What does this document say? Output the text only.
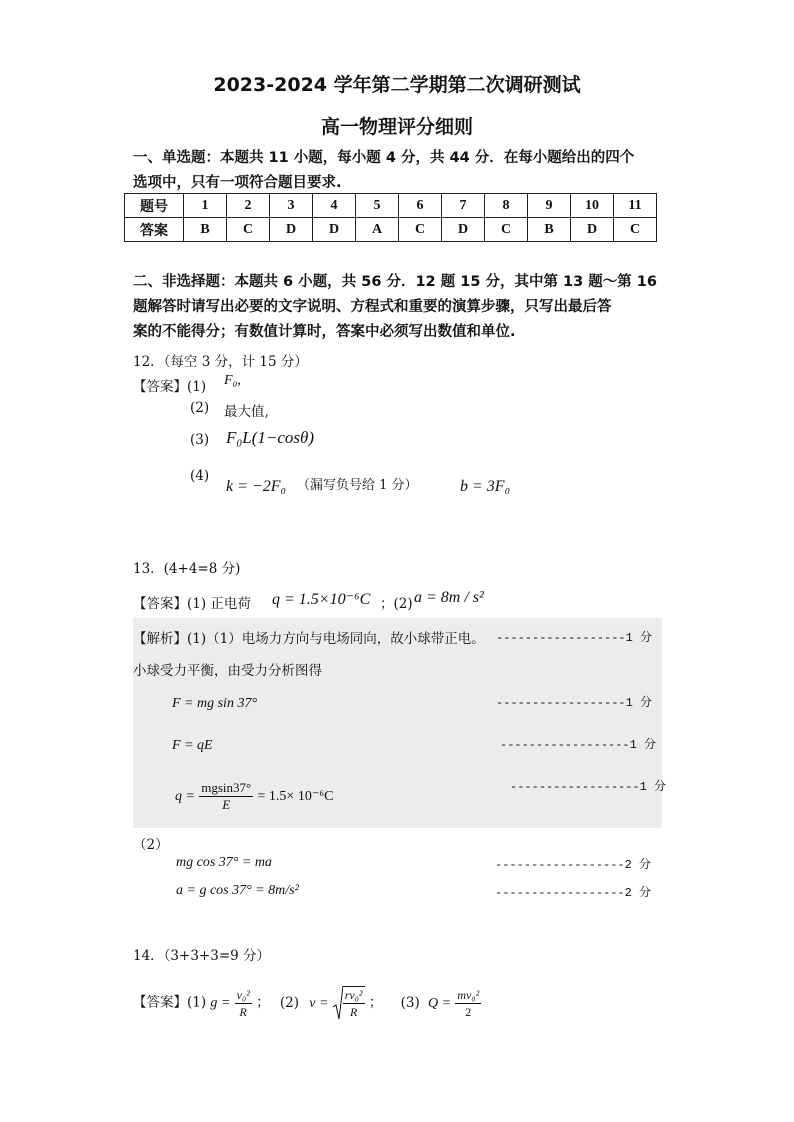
2023-2024 学年第二学期第二次调研测试
高一物理评分细则
一、单选题：本题共 11 小题，每小题 4 分，共 44 分．在每小题给出的四个
选项中，只有一项符合题目要求.
题号	1	2	3	4	5	6	7	8	9	10	11
答案	B	C	D	D	A	C	D	C	B	D	C
二、非选择题：本题共 6 小题，共 56 分．12 题 15 分，其中第 13 题～第 16
题解答时请写出必要的文字说明、方程式和重要的演算步骤，只写出最后答
案的不能得分；有数值计算时，答案中必须写出数值和单位.
12．（每空 3 分，计 15 分）
【答案】(1) F₀,
(2) 最大值,
(3) F₀L(1−cosθ)
(4)
k = −2F₀ （漏写负号给 1 分）	b = 3F₀
13．(4+4=8 分)
【答案】(1) 正电荷 q = 1.5×10⁻⁶C ；(2) a = 8m / s²
【解析】(1)（1）电场力方向与电场同向，故小球带正电。 ------------------1 分
小球受力平衡，由受力分析图得
F = mg sin 37°	------------------1 分
F = qE	------------------1 分
$q = \frac{mgsin37^\circ}{E} = 1.5\times 10^{-6}C$
------------------1 分
（2）
mg cos 37° = ma	------------------2 分
a = g cos 37° = 8m/s²	------------------2 分
14．（3+3+3=9 分）
【答案】(1) $g = \frac{\text{v₀²}}{R}$ ； (2) $v = \frac{\text{rv₀²}}{R}$ ； (3) $Q = \frac{\text{mv₀²}}{2}$
